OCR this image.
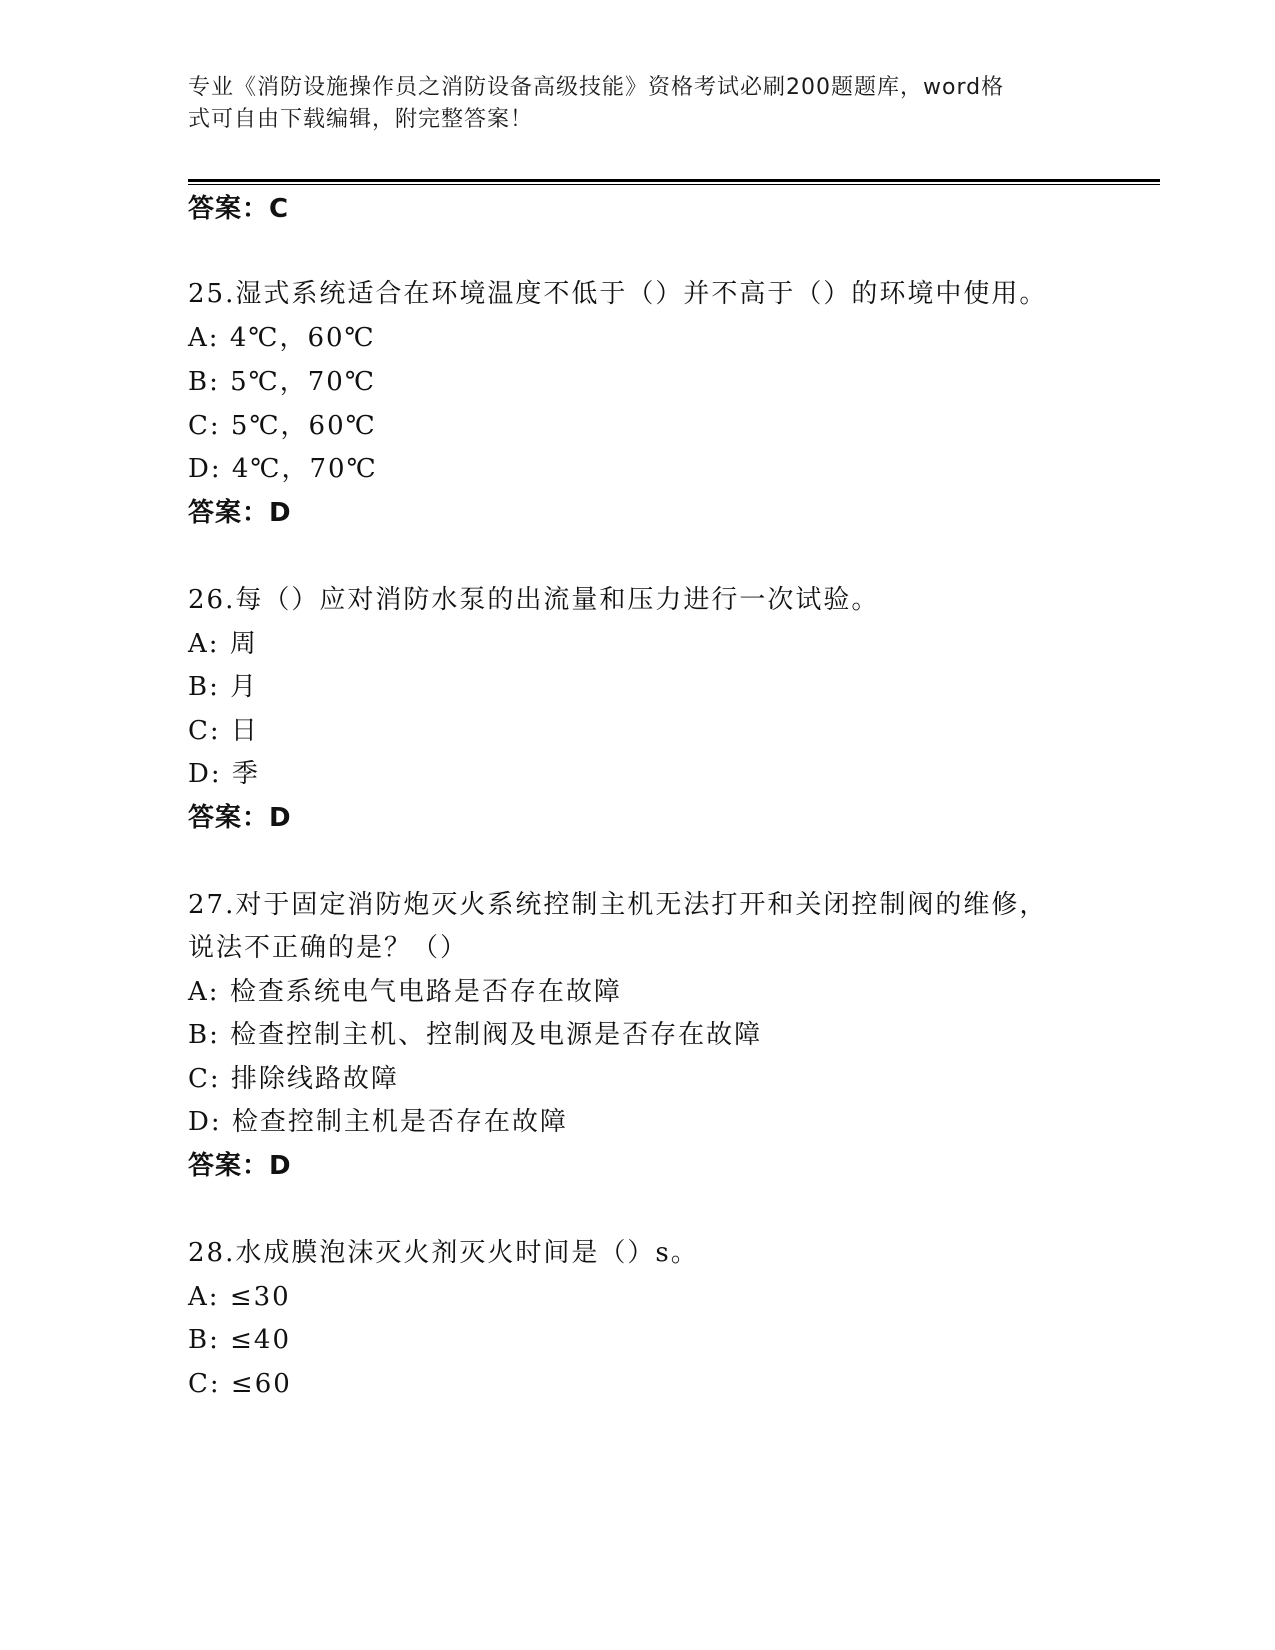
专业《消防设施操作员之消防设备高级技能》资格考试必刷200题题库，word格
式可自由下载编辑，附完整答案！
答案：C
25.湿式系统适合在环境温度不低于（）并不高于（）的环境中使用。
A: 4℃，60℃
B: 5℃，70℃
C: 5℃，60℃
D: 4℃，70℃
答案：D
26.每（）应对消防水泵的出流量和压力进行一次试验。
A: 周
B: 月
C: 日
D: 季
答案：D
27.对于固定消防炮灭火系统控制主机无法打开和关闭控制阀的维修，
说法不正确的是？（）
A: 检查系统电气电路是否存在故障
B: 检查控制主机、控制阀及电源是否存在故障
C: 排除线路故障
D: 检查控制主机是否存在故障
答案：D
28.水成膜泡沫灭火剂灭火时间是（）s。
A: ≤30
B: ≤40
C: ≤60
